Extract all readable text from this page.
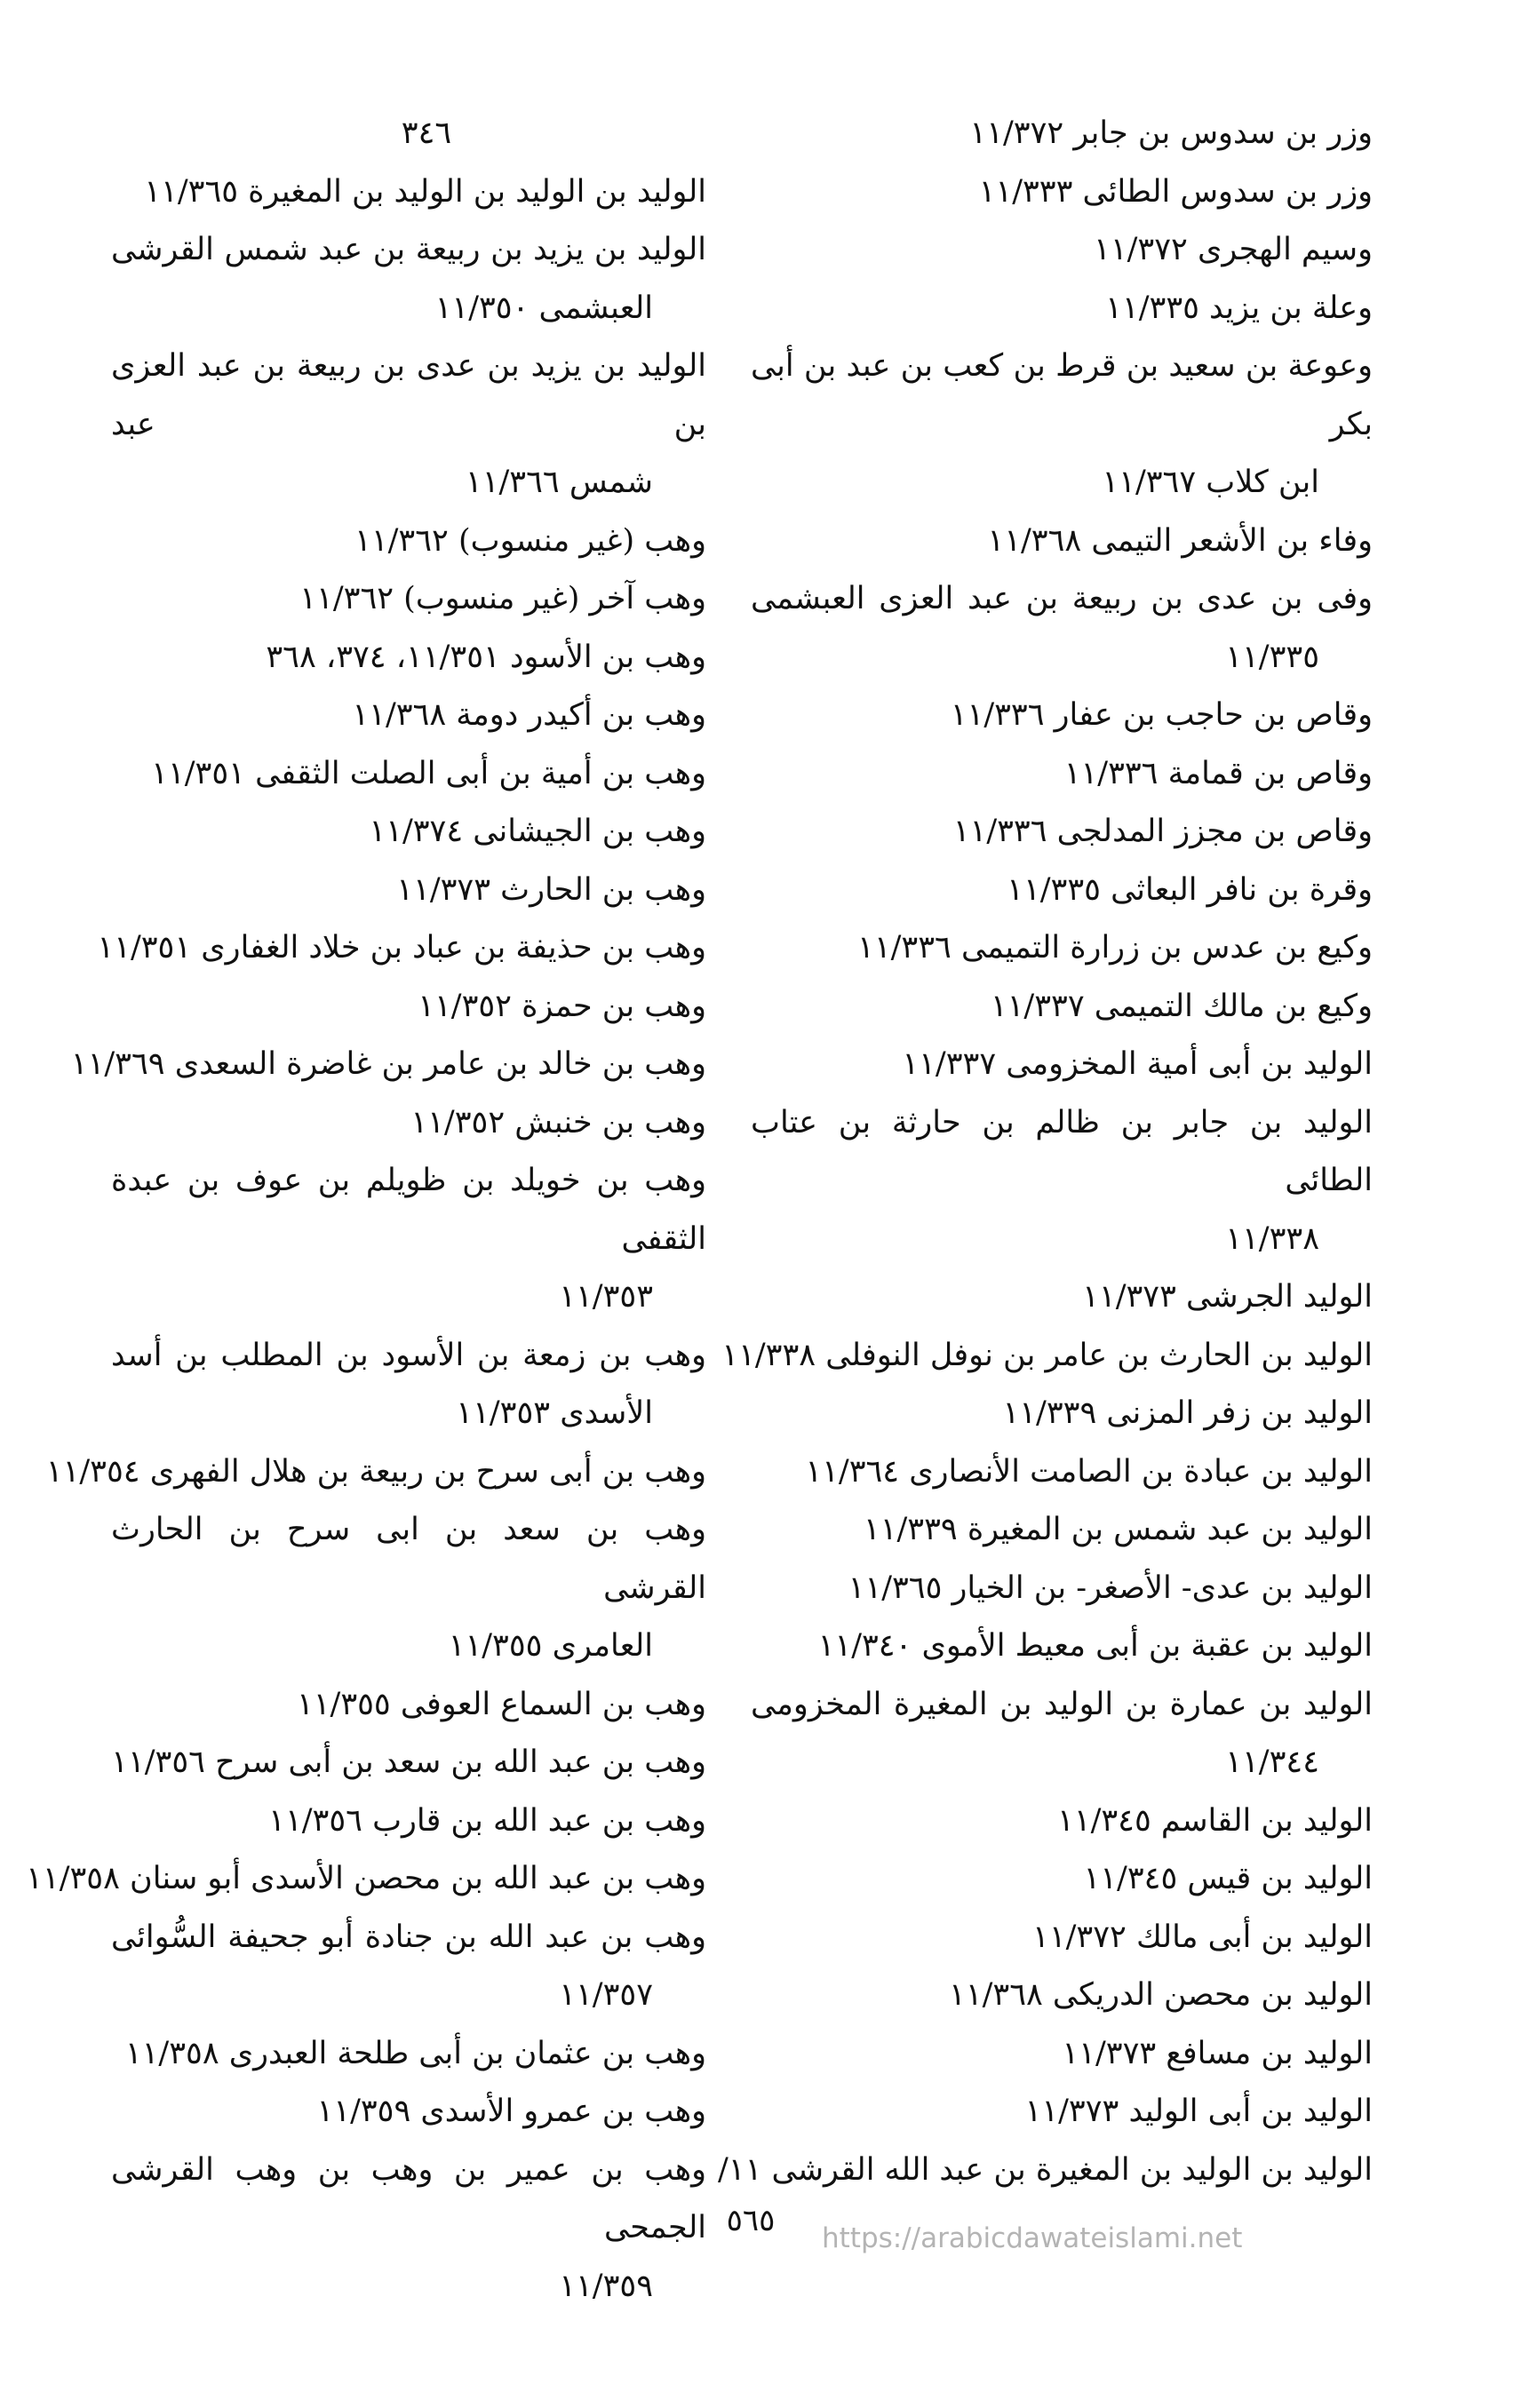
وزر بن سدوس بن جابر ١١/٣٧٢
وزر بن سدوس الطائى ١١/٣٣٣
وسيم الهجرى ١١/٣٧٢
وعلة بن يزيد ١١/٣٣٥
وعوعة بن سعيد بن قرط بن كعب بن عبد بن أبى بكر
ابن كلاب ١١/٣٦٧
وفاء بن الأشعر التيمى ١١/٣٦٨
وفى بن عدى بن ربيعة بن عبد العزى العبشمى
١١/٣٣٥
وقاص بن حاجب بن عفار ١١/٣٣٦
وقاص بن قمامة ١١/٣٣٦
وقاص بن مجزز المدلجى ١١/٣٣٦
وقرة بن نافر البعاثى ١١/٣٣٥
وكيع بن عدس بن زرارة التميمى ١١/٣٣٦
وكيع بن مالك التميمى ١١/٣٣٧
الوليد بن أبى أمية المخزومى ١١/٣٣٧
الوليد بن جابر بن ظالم بن حارثة بن عتاب الطائى
١١/٣٣٨
الوليد الجرشى ١١/٣٧٣
الوليد بن الحارث بن عامر بن نوفل النوفلى ١١/٣٣٨
الوليد بن زفر المزنى ١١/٣٣٩
الوليد بن عبادة بن الصامت الأنصارى ١١/٣٦٤
الوليد بن عبد شمس بن المغيرة ١١/٣٣٩
الوليد بن عدى- الأصغر- بن الخيار ١١/٣٦٥
الوليد بن عقبة بن أبى معيط الأموى ١١/٣٤٠
الوليد بن عمارة بن الوليد بن المغيرة المخزومى
١١/٣٤٤
الوليد بن القاسم ١١/٣٤٥
الوليد بن قيس ١١/٣٤٥
الوليد بن أبى مالك ١١/٣٧٢
الوليد بن محصن الدريكى ١١/٣٦٨
الوليد بن مسافع ١١/٣٧٣
الوليد بن أبى الوليد ١١/٣٧٣
الوليد بن الوليد بن المغيرة بن عبد الله القرشى ١١/
٣٤٦
الوليد بن الوليد بن الوليد بن المغيرة ١١/٣٦٥
الوليد بن يزيد بن ربيعة بن عبد شمس القرشى
العبشمى ١١/٣٥٠
الوليد بن يزيد بن عدى بن ربيعة بن عبد العزى بن عبد
شمس ١١/٣٦٦
وهب (غير منسوب) ١١/٣٦٢
وهب آخر (غير منسوب) ١١/٣٦٢
وهب بن الأسود ١١/٣٥١، ٣٧٤، ٣٦٨
وهب بن أكيدر دومة ١١/٣٦٨
وهب بن أمية بن أبى الصلت الثقفى ١١/٣٥١
وهب بن الجيشانى ١١/٣٧٤
وهب بن الحارث ١١/٣٧٣
وهب بن حذيفة بن عباد بن خلاد الغفارى ١١/٣٥١
وهب بن حمزة ١١/٣٥٢
وهب بن خالد بن عامر بن غاضرة السعدى ١١/٣٦٩
وهب بن خنبش ١١/٣٥٢
وهب بن خويلد بن ظويلم بن عوف بن عبدة الثقفى
١١/٣٥٣
وهب بن زمعة بن الأسود بن المطلب بن أسد
الأسدى ١١/٣٥٣
وهب بن أبى سرح بن ربيعة بن هلال الفهرى ١١/٣٥٤
وهب بن سعد بن ابى سرح بن الحارث القرشى
العامرى ١١/٣٥٥
وهب بن السماع العوفى ١١/٣٥٥
وهب بن عبد الله بن سعد بن أبى سرح ١١/٣٥٦
وهب بن عبد الله بن قارب ١١/٣٥٦
وهب بن عبد الله بن محصن الأسدى أبو سنان ١١/٣٥٨
وهب بن عبد الله بن جنادة أبو جحيفة السُّوائى
١١/٣٥٧
وهب بن عثمان بن أبى طلحة العبدرى ١١/٣٥٨
وهب بن عمرو الأسدى ١١/٣٥٩
وهب بن عمير بن وهب بن وهب القرشى الجمحى
١١/٣٥٩
٥٦٥	https://arabicdawateislami.net
